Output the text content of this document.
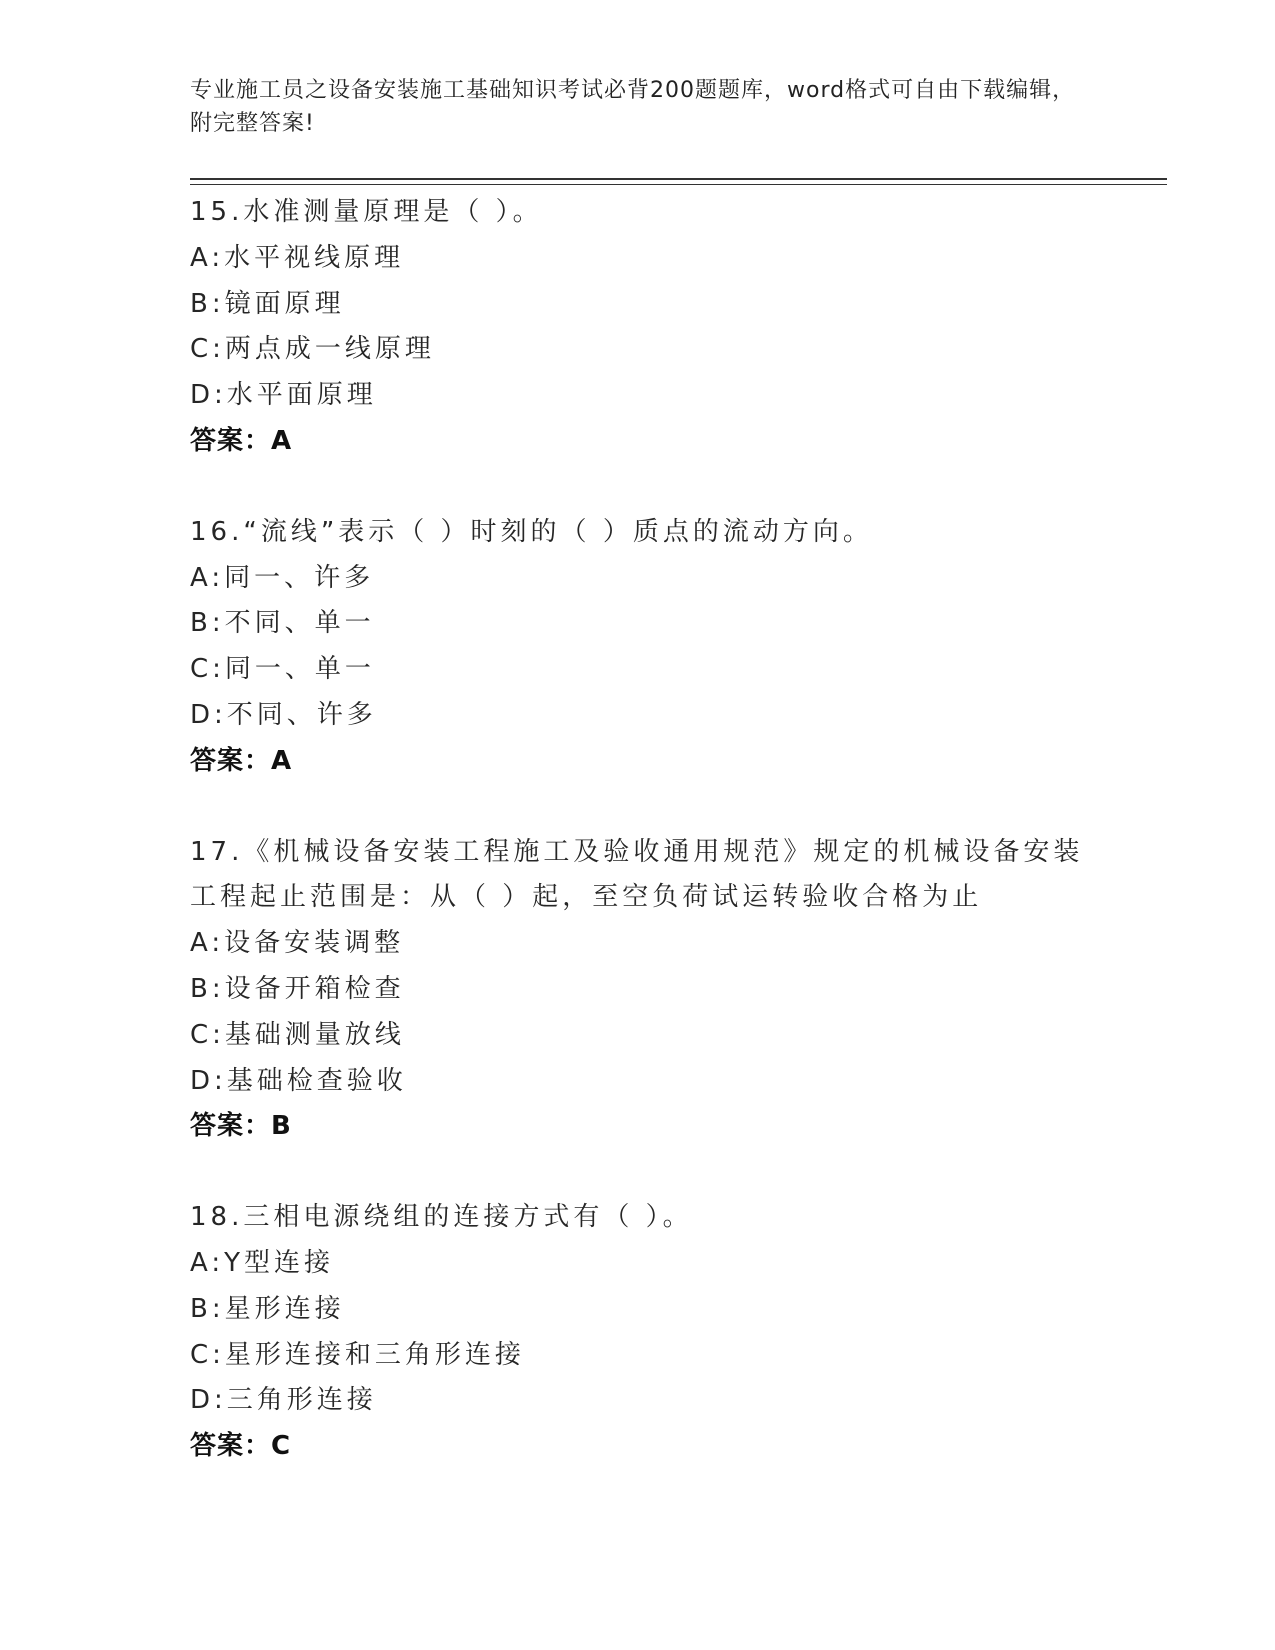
专业施工员之设备安装施工基础知识考试必背200题题库，word格式可自由下载编辑，附完整答案!
15.水准测量原理是（ ）。
A:水平视线原理
B:镜面原理
C:两点成一线原理
D:水平面原理
答案：A
16.“流线”表示（ ）时刻的（ ）质点的流动方向。
A:同一、许多
B:不同、单一
C:同一、单一
D:不同、许多
答案：A
17.《机械设备安装工程施工及验收通用规范》规定的机械设备安装工程起止范围是：从（ ）起，至空负荷试运转验收合格为止
A:设备安装调整
B:设备开箱检查
C:基础测量放线
D:基础检查验收
答案：B
18.三相电源绕组的连接方式有（ ）。
A:Y型连接
B:星形连接
C:星形连接和三角形连接
D:三角形连接
答案：C
